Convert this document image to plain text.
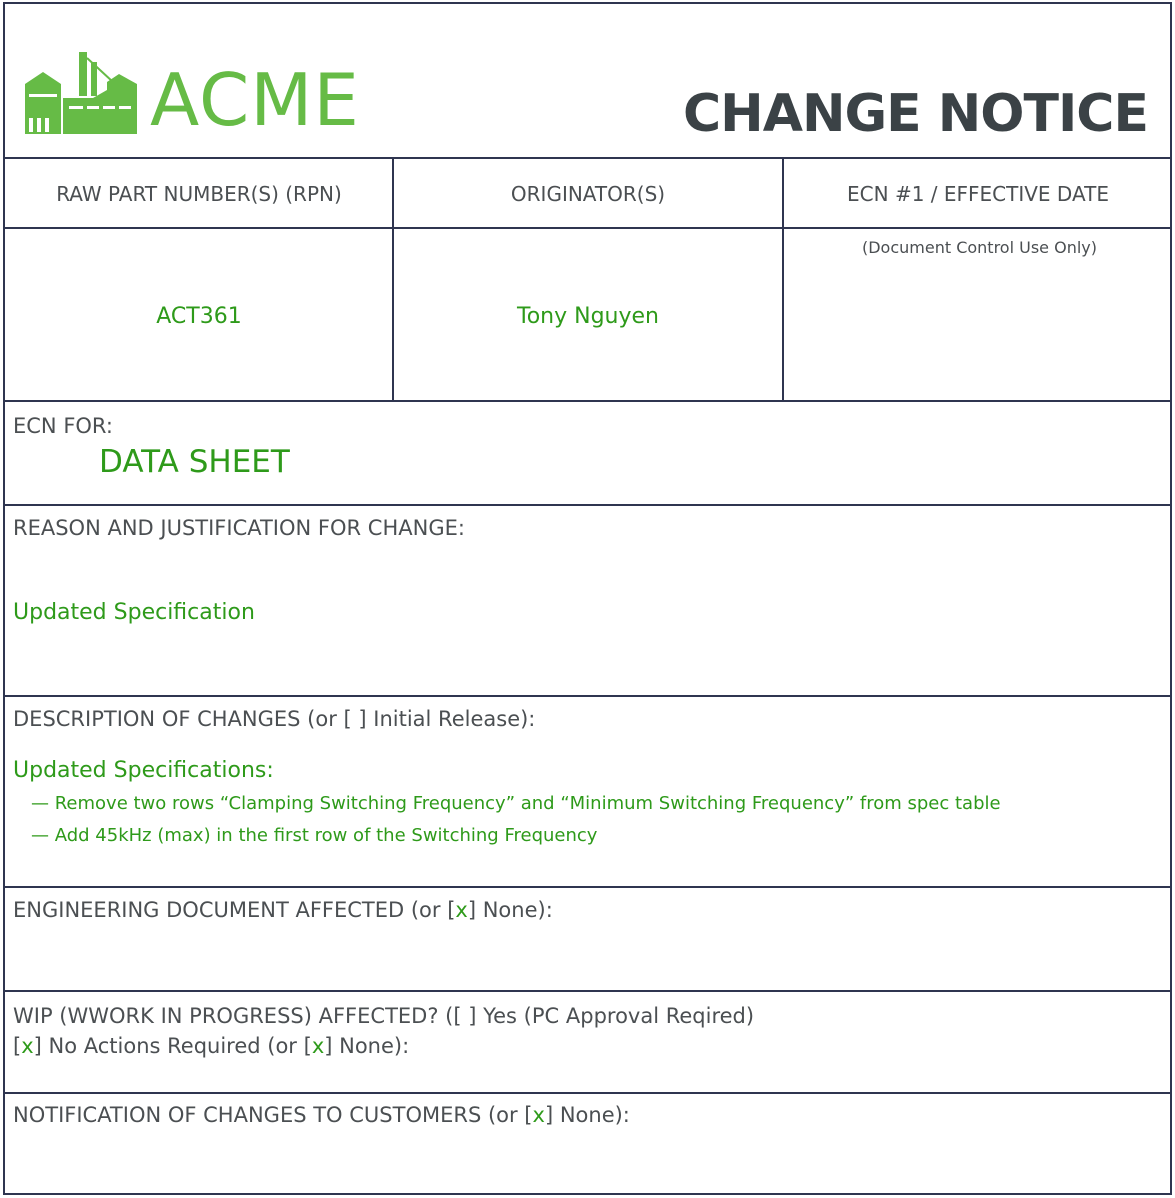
ACME	CHANGE NOTICE
RAW PART NUMBER(S) (RPN)	ORIGINATOR(S)	ECN #1 / EFFECTIVE DATE
ACT361	Tony Nguyen
(Document Control Use Only)
ECN FOR:
DATA SHEET
REASON AND JUSTIFICATION FOR CHANGE:
Updated Specification
DESCRIPTION OF CHANGES (or [ ] Initial Release):
Updated Specifications:
— Remove two rows “Clamping Switching Frequency” and “Minimum Switching Frequency” from spec table
— Add 45kHz (max) in the first row of the Switching Frequency
ENGINEERING DOCUMENT AFFECTED (or [x] None):
WIP (WWORK IN PROGRESS) AFFECTED? ([ ] Yes (PC Approval Reqired)
[x] No Actions Required (or [x] None):
NOTIFICATION OF CHANGES TO CUSTOMERS (or [x] None):
